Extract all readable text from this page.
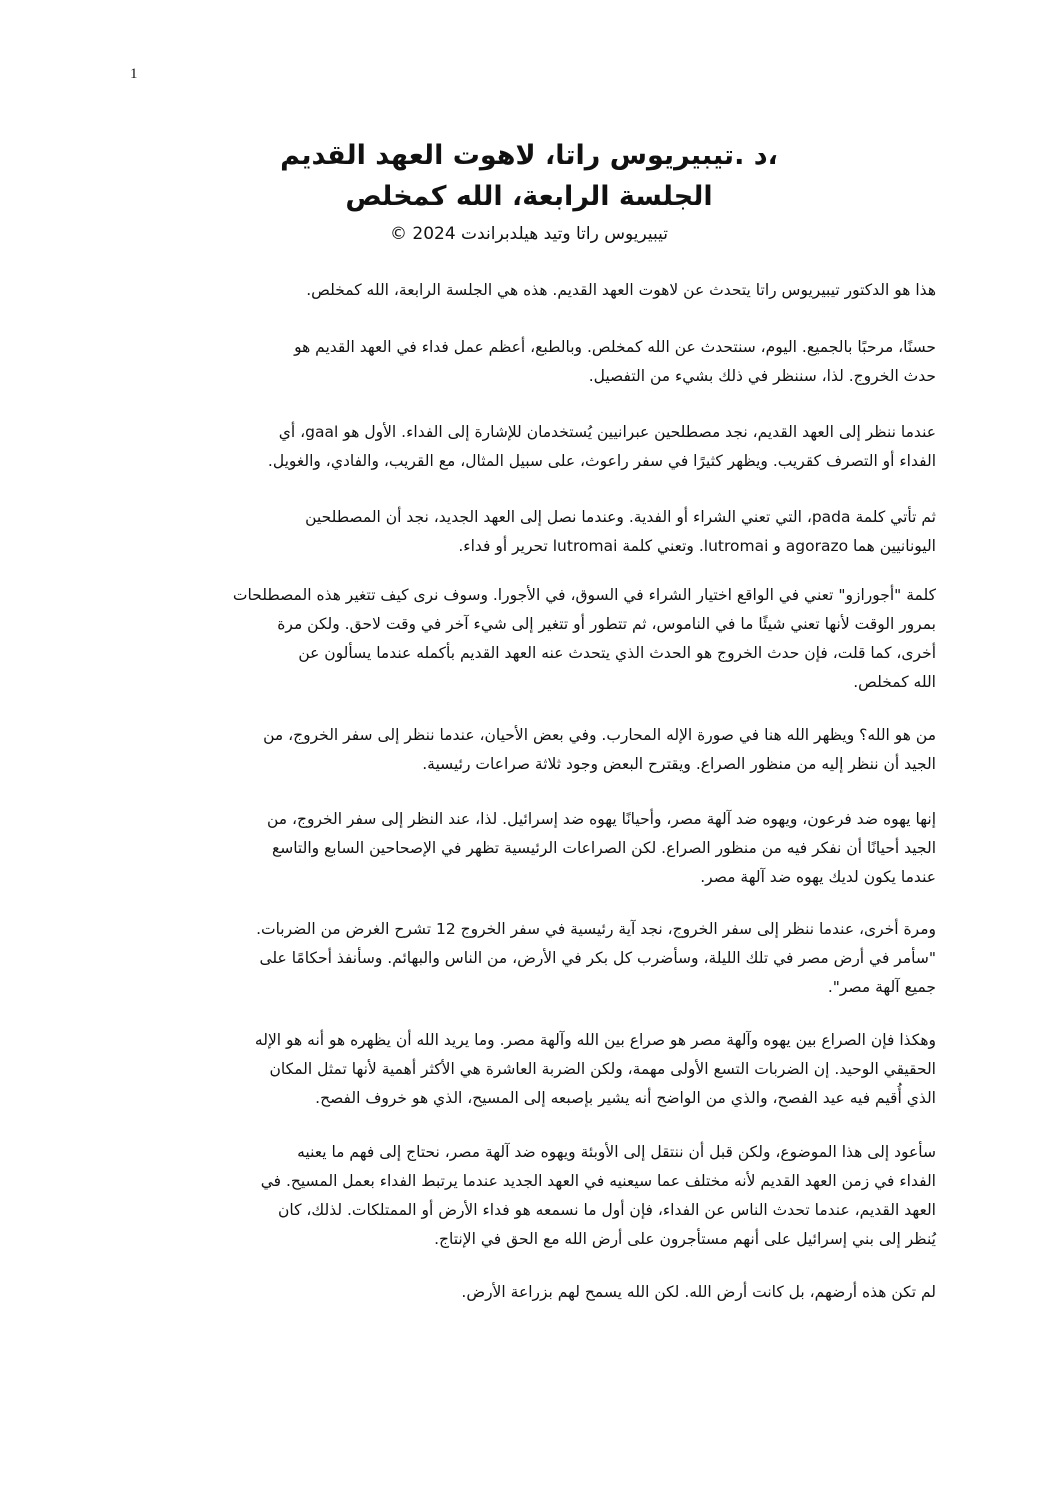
1
،د .تيبيريوس راتا، لاهوت العهد القديم
الجلسة الرابعة، الله كمخلص
تيبيريوس راتا وتيد هيلدبراندت 2024 ©
هذا هو الدكتور تيبيريوس راتا يتحدث عن لاهوت العهد القديم. هذه هي الجلسة الرابعة، الله كمخلص.
حسنًا، مرحبًا بالجميع. اليوم، سنتحدث عن الله كمخلص. وبالطبع، أعظم عمل فداء في العهد القديم هو
حدث الخروج. لذا، سننظر في ذلك بشيء من التفصيل.
عندما ننظر إلى العهد القديم، نجد مصطلحين عبرانيين يُستخدمان للإشارة إلى الفداء. الأول هو gaal، أي
الفداء أو التصرف كقريب. ويظهر كثيرًا في سفر راعوث، على سبيل المثال، مع القريب، والفادي، والغويل.
ثم تأتي كلمة pada، التي تعني الشراء أو الفدية. وعندما نصل إلى العهد الجديد، نجد أن المصطلحين
اليونانيين هما agorazo و lutromai. وتعني كلمة lutromai تحرير أو فداء.
كلمة "أجورازو" تعني في الواقع اختيار الشراء في السوق، في الأجورا. وسوف نرى كيف تتغير هذه المصطلحات
بمرور الوقت لأنها تعني شيئًا ما في الناموس، ثم تتطور أو تتغير إلى شيء آخر في وقت لاحق. ولكن مرة
أخرى، كما قلت، فإن حدث الخروج هو الحدث الذي يتحدث عنه العهد القديم بأكمله عندما يسألون عن
الله كمخلص.
من هو الله؟ ويظهر الله هنا في صورة الإله المحارب. وفي بعض الأحيان، عندما ننظر إلى سفر الخروج، من
الجيد أن ننظر إليه من منظور الصراع. ويقترح البعض وجود ثلاثة صراعات رئيسية.
إنها يهوه ضد فرعون، ويهوه ضد آلهة مصر، وأحيانًا يهوه ضد إسرائيل. لذا، عند النظر إلى سفر الخروج، من
الجيد أحيانًا أن نفكر فيه من منظور الصراع. لكن الصراعات الرئيسية تظهر في الإصحاحين السابع والتاسع
عندما يكون لديك يهوه ضد آلهة مصر.
ومرة أخرى، عندما ننظر إلى سفر الخروج، نجد آية رئيسية في سفر الخروج 12 تشرح الغرض من الضربات.
"سأمر في أرض مصر في تلك الليلة، وسأضرب كل بكر في الأرض، من الناس والبهائم. وسأنفذ أحكامًا على
جميع آلهة مصر".
وهكذا فإن الصراع بين يهوه وآلهة مصر هو صراع بين الله وآلهة مصر. وما يريد الله أن يظهره هو أنه هو الإله
الحقيقي الوحيد. إن الضربات التسع الأولى مهمة، ولكن الضربة العاشرة هي الأكثر أهمية لأنها تمثل المكان
الذي أُقيم فيه عيد الفصح، والذي من الواضح أنه يشير بإصبعه إلى المسيح، الذي هو خروف الفصح.
سأعود إلى هذا الموضوع، ولكن قبل أن ننتقل إلى الأوبئة ويهوه ضد آلهة مصر، نحتاج إلى فهم ما يعنيه
الفداء في زمن العهد القديم لأنه مختلف عما سيعنيه في العهد الجديد عندما يرتبط الفداء بعمل المسيح. في
العهد القديم، عندما تحدث الناس عن الفداء، فإن أول ما نسمعه هو فداء الأرض أو الممتلكات. لذلك، كان
يُنظر إلى بني إسرائيل على أنهم مستأجرون على أرض الله مع الحق في الإنتاج.
لم تكن هذه أرضهم، بل كانت أرض الله. لكن الله يسمح لهم بزراعة الأرض.
